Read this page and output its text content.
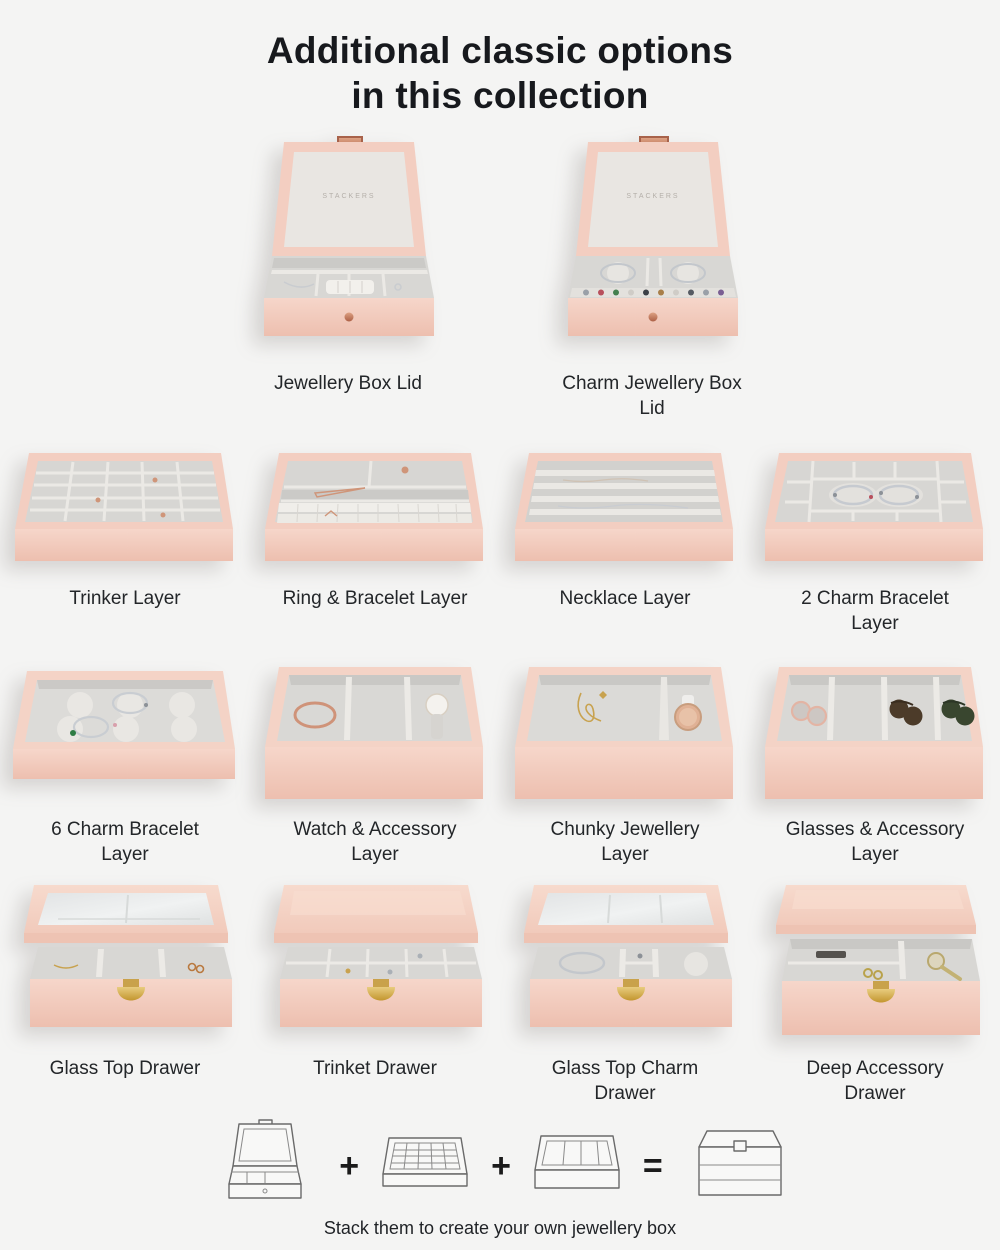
Additional classic options
in this collection
STACKERS
Jewellery Box Lid
STACKERS
Charm Jewellery Box Lid
Trinker Layer	Ring & Bracelet Layer	Necklace Layer	2 Charm Bracelet Layer
6 Charm Bracelet Layer
Watch & Accessory Layer
Chunky Jewellery Layer
Glasses & Accessory Layer
Glass Top Drawer	Trinket Drawer	Glass Top Charm Drawer
Deep Accessory Drawer
+	+	=
Stack them to create your own jewellery box
